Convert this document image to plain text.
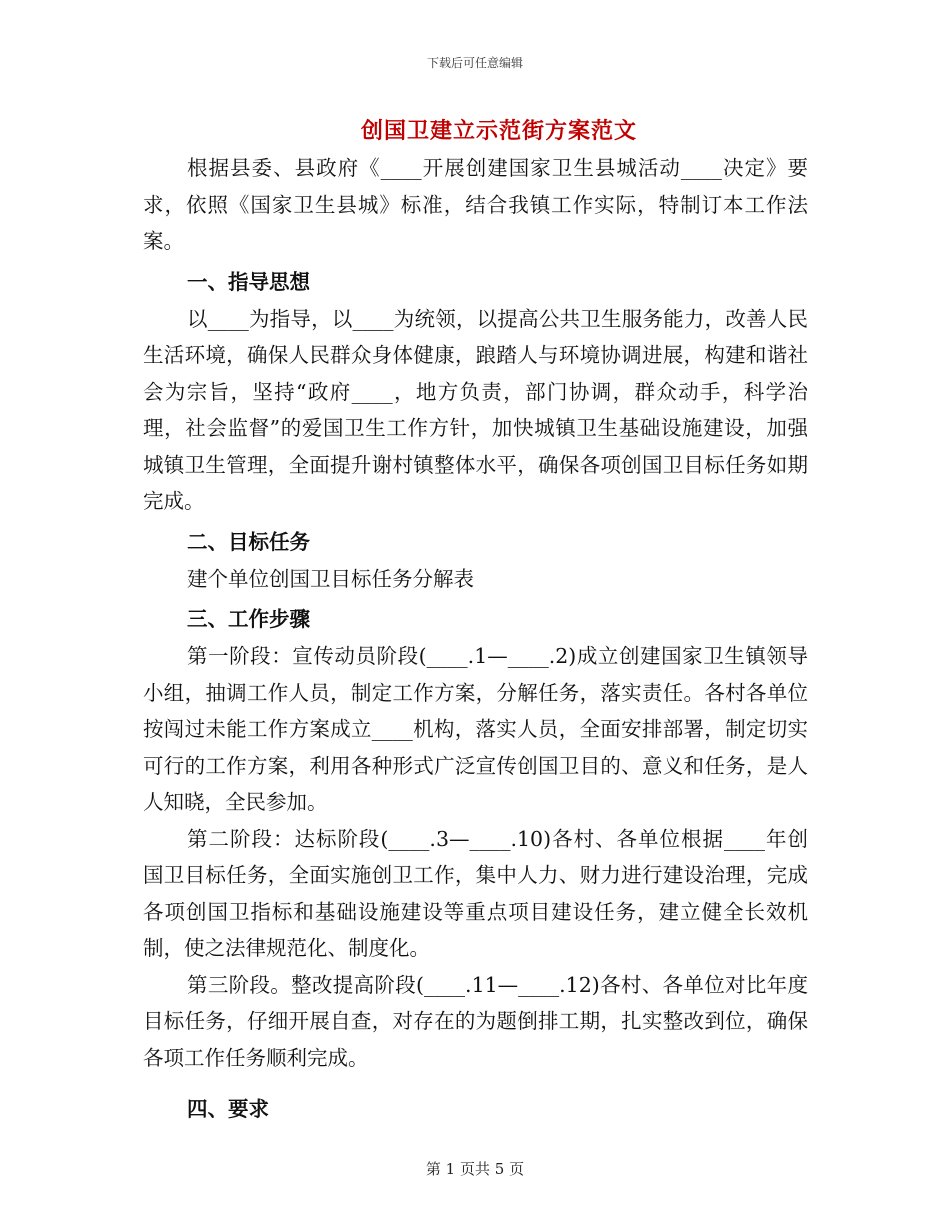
下载后可任意编辑
创国卫建立示范街方案范文

根据县委、县政府《____开展创建国家卫生县城活动____决定》要求，依照《国家卫生县城》标准，结合我镇工作实际，特制订本工作法案。

一、指导思想

以____为指导，以____为统领，以提高公共卫生服务能力，改善人民生活环境，确保人民群众身体健康，踉踏人与环境协调进展，构建和谐社会为宗旨，坚持“政府____，地方负责，部门协调，群众动手，科学治理，社会监督”的爱国卫生工作方针，加快城镇卫生基础设施建设，加强城镇卫生管理，全面提升谢村镇整体水平，确保各项创国卫目标任务如期完成。

二、目标任务

建个单位创国卫目标任务分解表

三、工作步骤

第一阶段：宣传动员阶段(____.1—____.2)成立创建国家卫生镇领导小组，抽调工作人员，制定工作方案，分解任务，落实责任。各村各单位按闯过未能工作方案成立____机构，落实人员，全面安排部署，制定切实可行的工作方案，利用各种形式广泛宣传创国卫目的、意义和任务，是人人知晓，全民参加。

第二阶段：达标阶段(____.3—____.10)各村、各单位根据____年创国卫目标任务，全面实施创卫工作，集中人力、财力进行建设治理，完成各项创国卫指标和基础设施建设等重点项目建设任务，建立健全长效机制，使之法律规范化、制度化。

第三阶段。整改提高阶段(____.11—____.12)各村、各单位对比年度目标任务，仔细开展自查，对存在的为题倒排工期，扎实整改到位，确保各项工作任务顺利完成。

四、要求

第 1 页共 5 页
